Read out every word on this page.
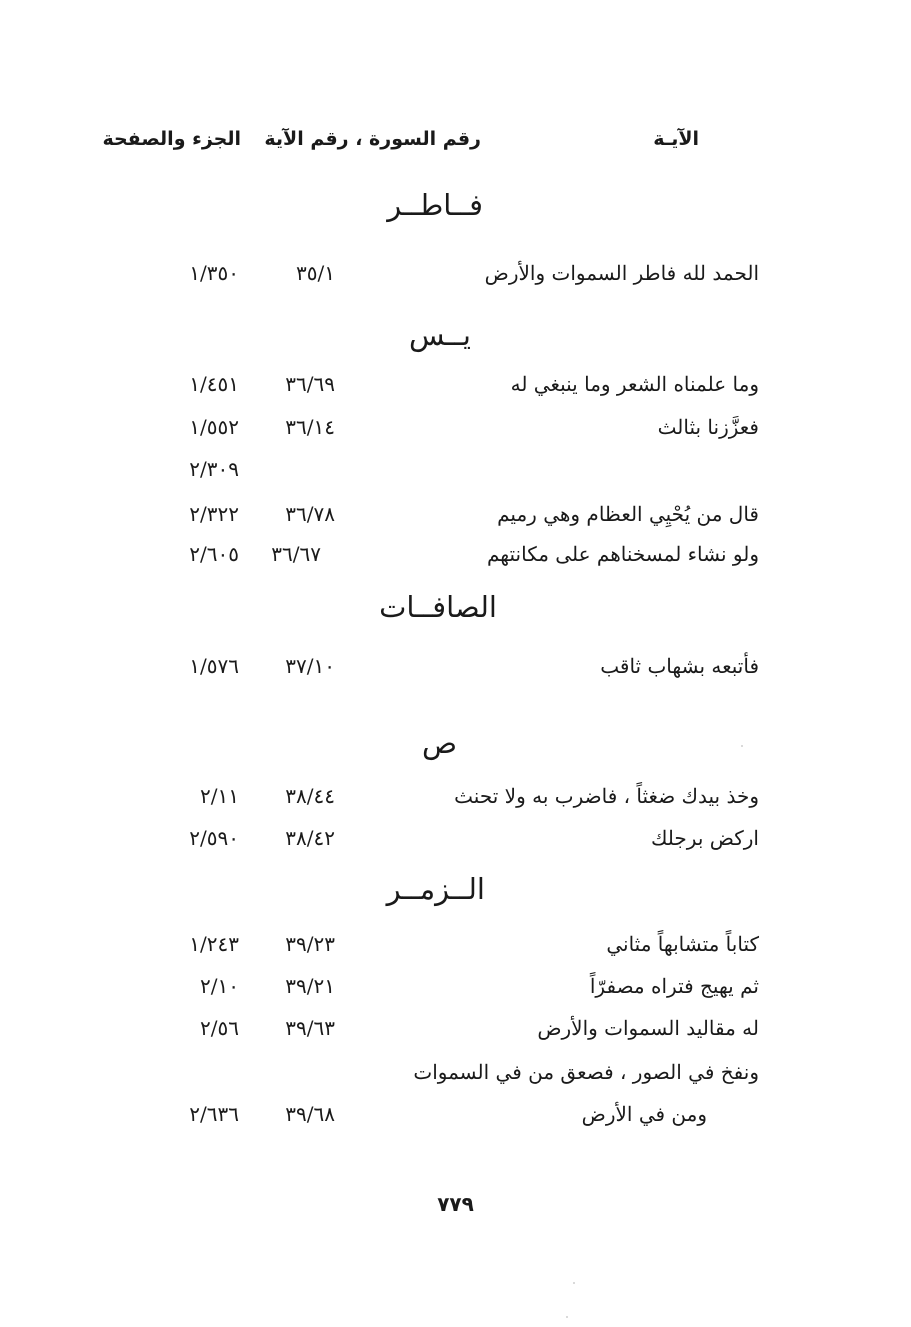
الآيـة
رقم السورة ، رقم الآية
الجزء والصفحة
فــاطــر
الحمد لله فاطر السموات والأرض
٣٥/١
١/٣٥٠
يــس
وما علمناه الشعر وما ينبغي له
٣٦/٦٩
١/٤٥١
فعزَّزنا بثالث
٣٦/١٤
١/٥٥٢
٢/٣٠٩
قال من يُحْيِي العظام وهي رميم
٣٦/٧٨
٢/٣٢٢
ولو نشاء لمسخناهم على مكانتهم
٣٦/٦٧
٢/٦٠٥
الصافــات
فأتبعه بشهاب ثاقب
٣٧/١٠
١/٥٧٦
ص
وخذ بيدك ضغثاً ، فاضرب به ولا تحنث
٣٨/٤٤
٢/١١
اركض برجلك
٣٨/٤٢
٢/٥٩٠
الــزمــر
كتاباً متشابهاً مثاني
٣٩/٢٣
١/٢٤٣
ثم يهيج فتراه مصفرّاً
٣٩/٢١
٢/١٠
له مقاليد السموات والأرض
٣٩/٦٣
٢/٥٦
ونفخ في الصور ، فصعق من في السموات
ومن في الأرض
٣٩/٦٨
٢/٦٣٦
٧٧٩
